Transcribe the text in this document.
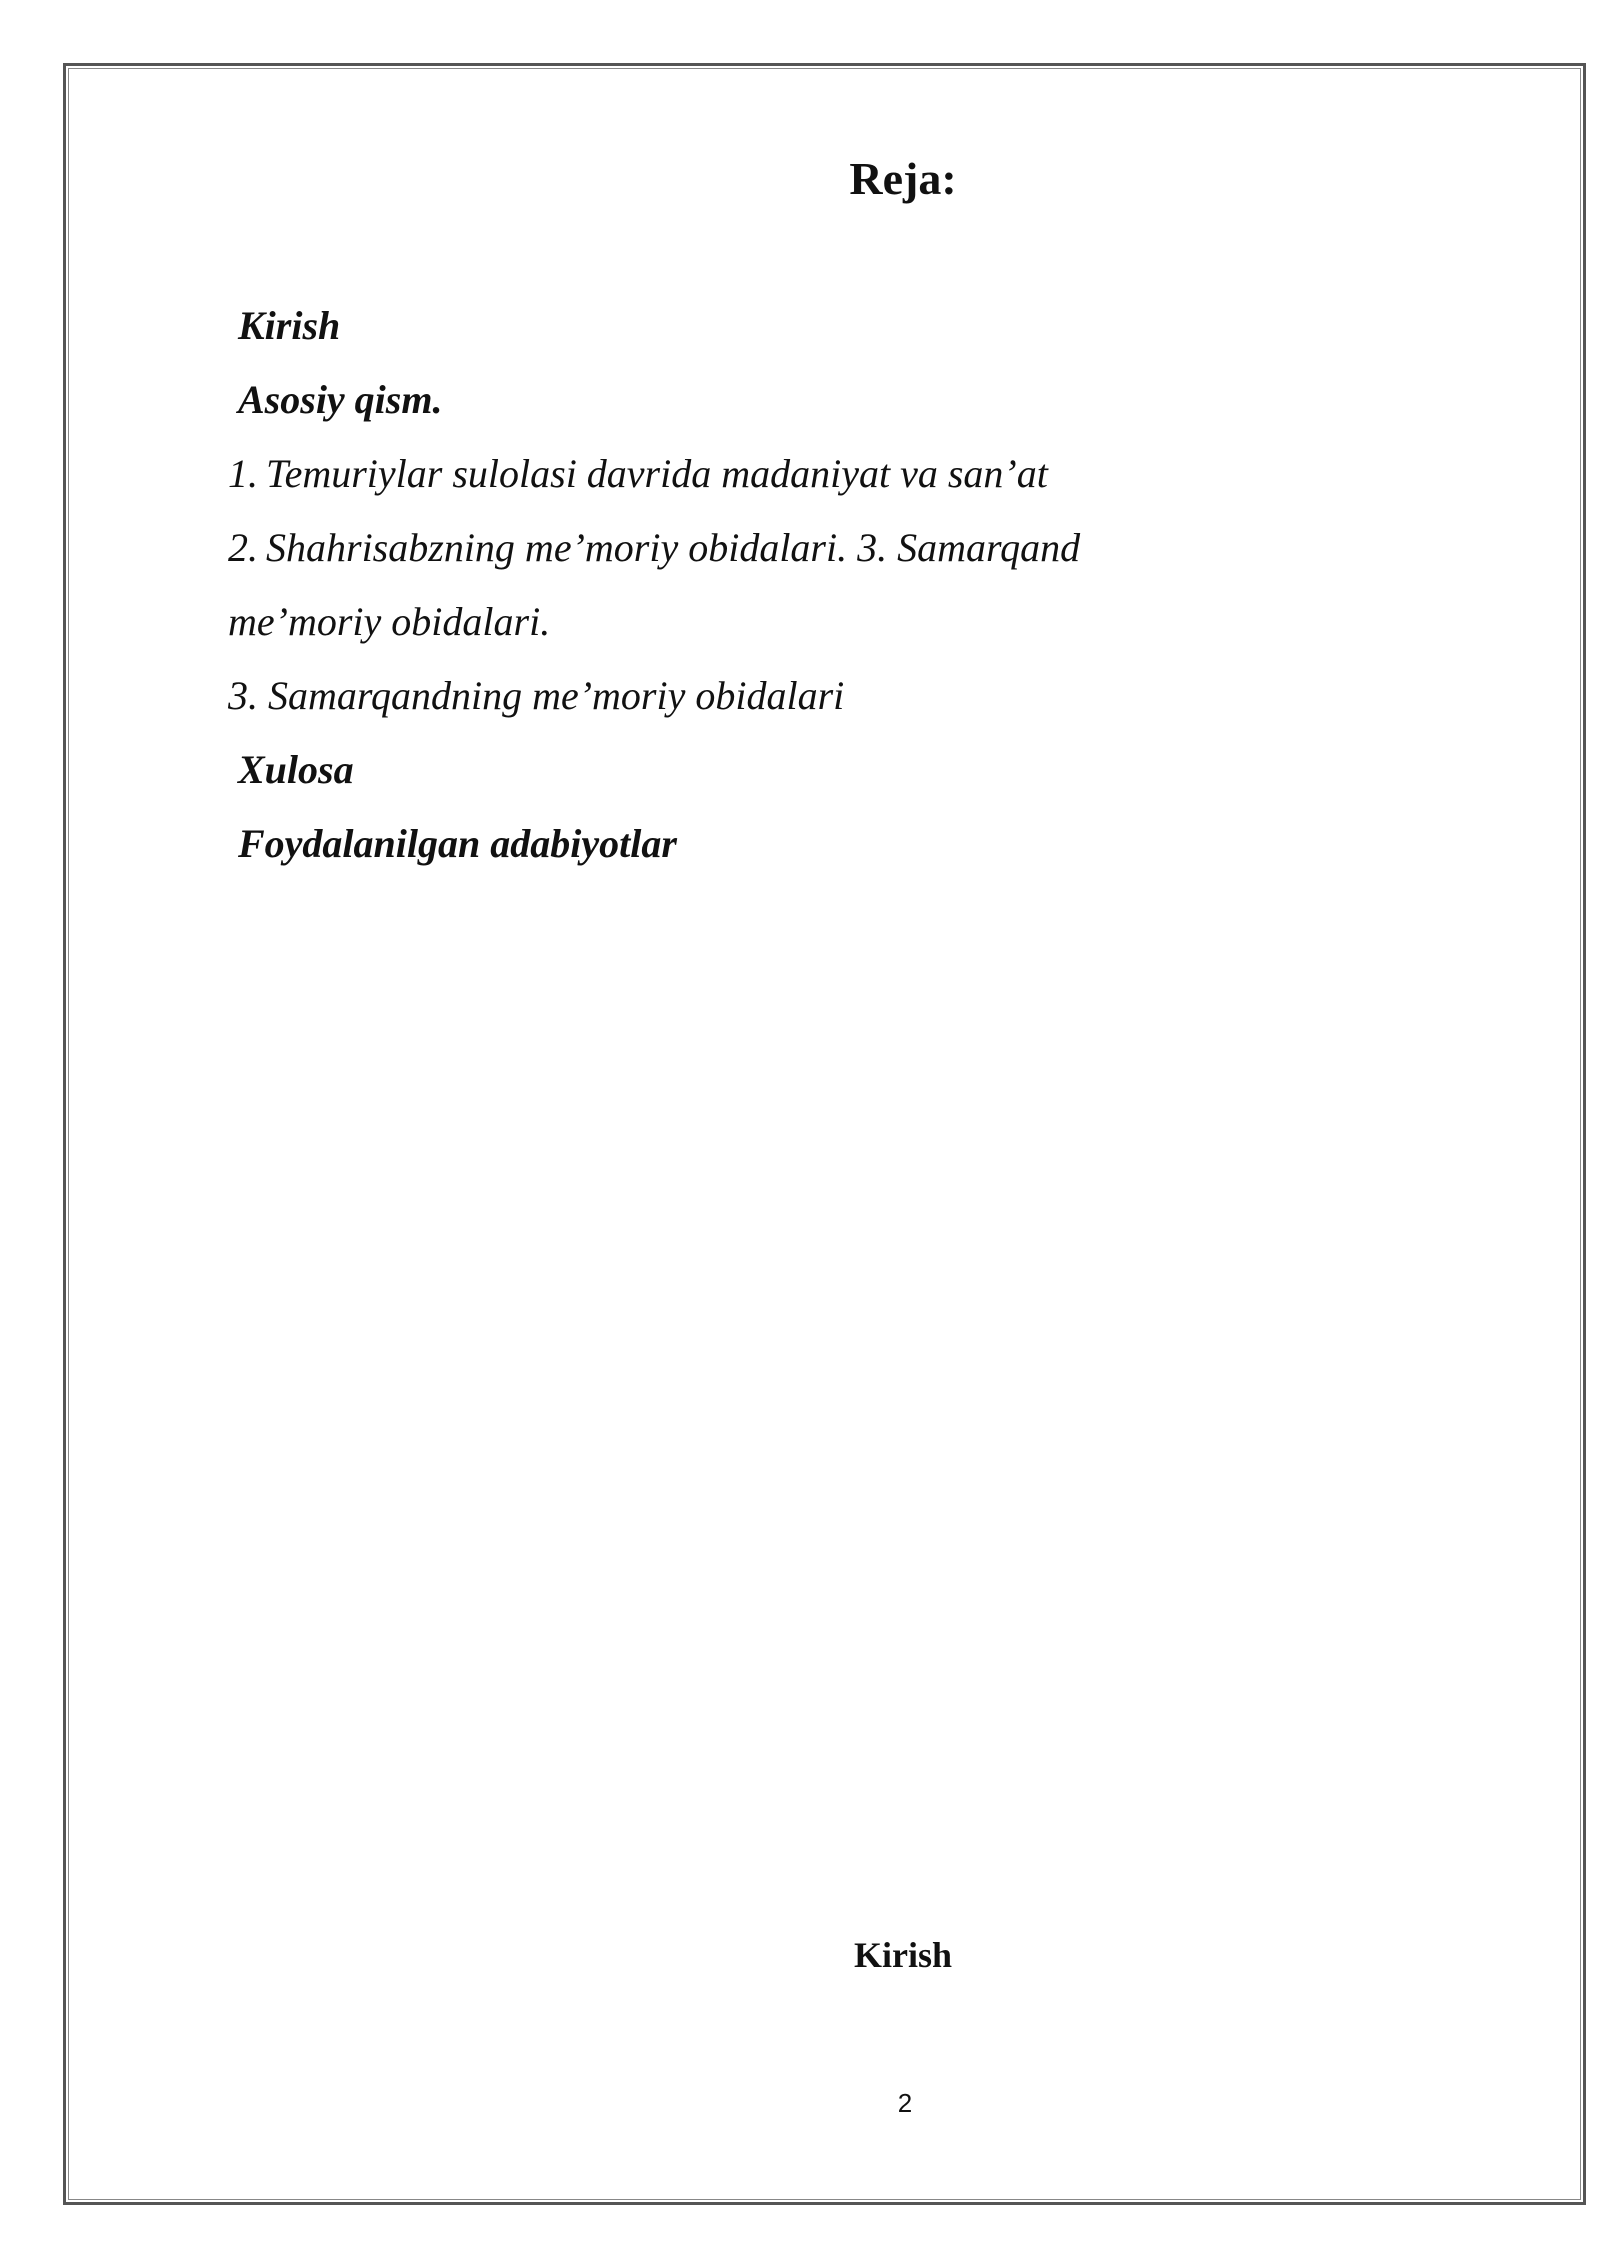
Reja:

Kirish

Asosiy qism.

1. Temuriylar sulolasi davrida madaniyat va san’at

2. Shahrisabzning me’moriy obidalari. 3. Samarqand

me’moriy obidalari.

3. Samarqandning me’moriy obidalari

Xulosa

Foydalanilgan adabiyotlar

Kirish

2
